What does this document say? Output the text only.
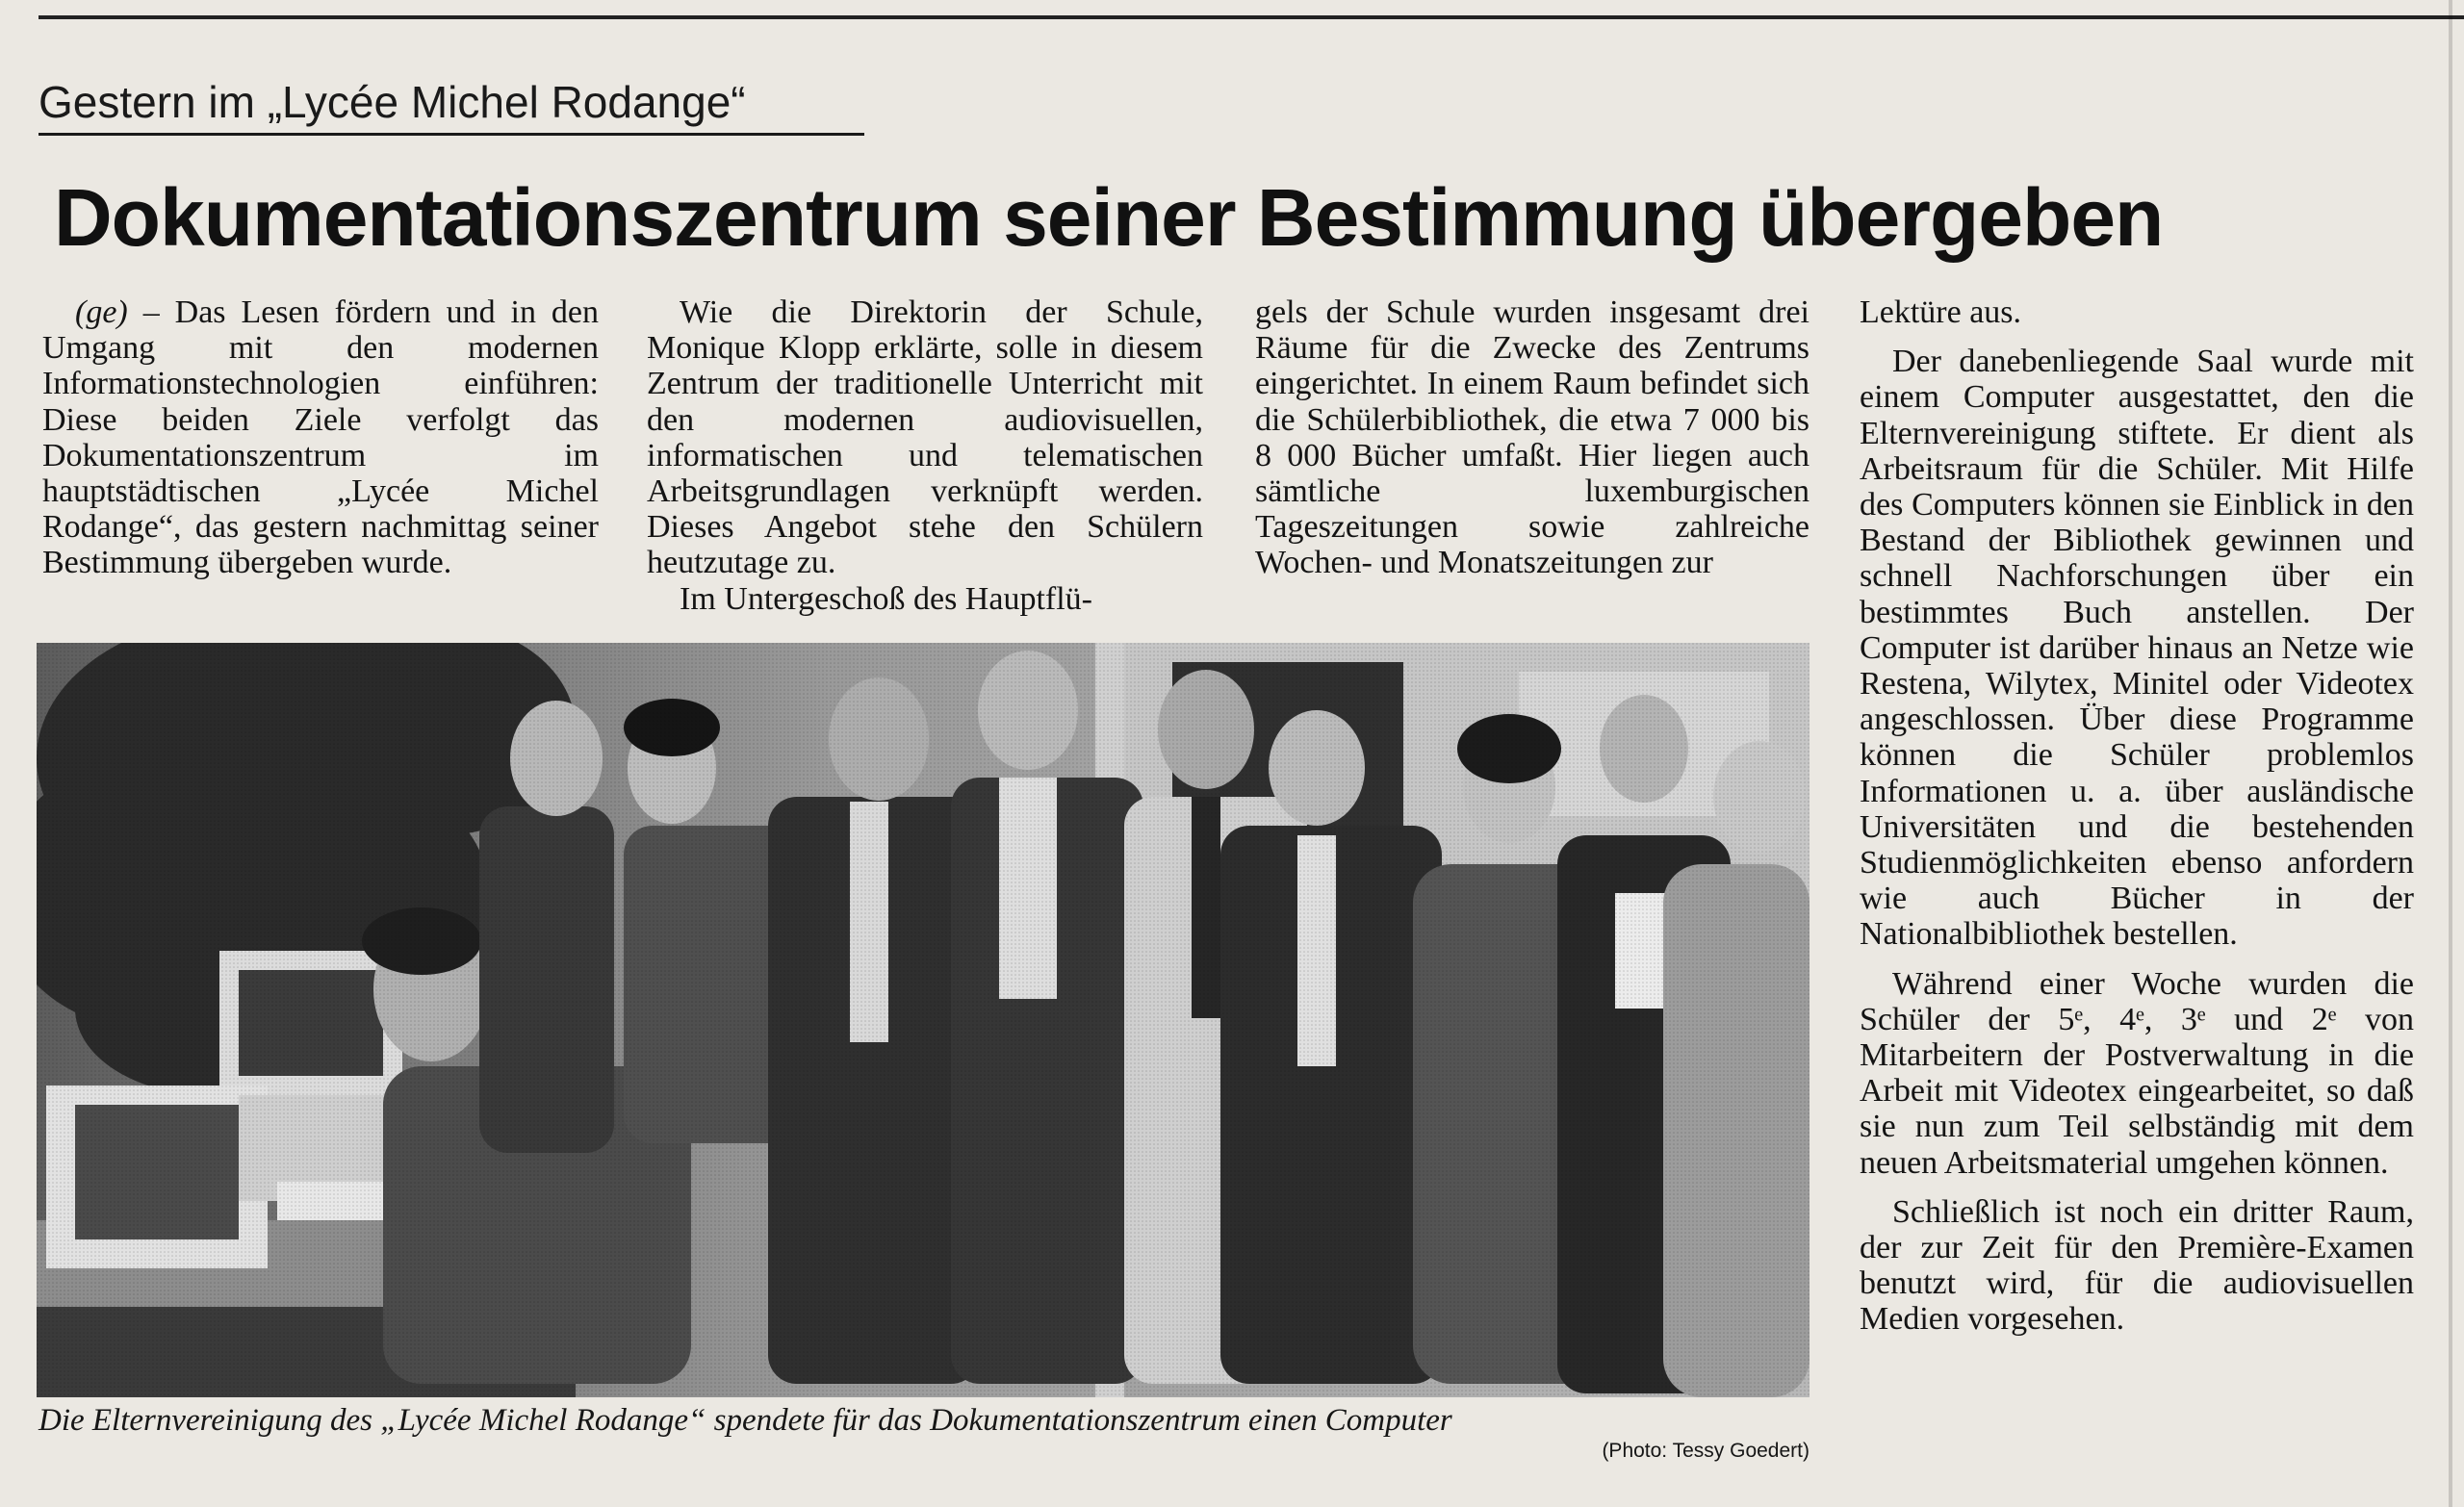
Gestern im „Lycée Michel Rodange“
Dokumentationszentrum seiner Bestimmung übergeben

(ge) – Das Lesen fördern und in den Umgang mit den modernen Informationstechnologien einführen: Diese beiden Ziele verfolgt das Dokumentationszentrum im hauptstädtischen „Lycée Michel Rodange“, das gestern nachmittag seiner Bestimmung übergeben wurde.

Wie die Direktorin der Schule, Monique Klopp erklärte, solle in diesem Zentrum der traditionelle Unterricht mit den modernen audiovisuellen, informatischen und telematischen Arbeitsgrundlagen verknüpft werden. Dieses Angebot stehe den Schülern heutzutage zu.

Im Untergeschoß des Hauptflü-

gels der Schule wurden insgesamt drei Räume für die Zwecke des Zentrums eingerichtet. In einem Raum befindet sich die Schülerbibliothek, die etwa 7 000 bis 8 000 Bücher umfaßt. Hier liegen auch sämtliche luxemburgischen Tageszeitungen sowie zahlreiche Wochen- und Monatszeitungen zur

Lektüre aus.

Der danebenliegende Saal wurde mit einem Computer ausgestattet, den die Elternvereinigung stiftete. Er dient als Arbeitsraum für die Schüler. Mit Hilfe des Computers können sie Einblick in den Bestand der Bibliothek gewinnen und schnell Nachforschungen über ein bestimmtes Buch anstellen. Der Computer ist darüber hinaus an Netze wie Restena, Wilytex, Minitel oder Videotex angeschlossen. Über diese Programme können die Schüler problemlos Informationen u. a. über ausländische Universitäten und die bestehenden Studienmöglichkeiten ebenso anfordern wie auch Bücher in der Nationalbibliothek bestellen.

Während einer Woche wurden die Schüler der 5ᵉ, 4ᵉ, 3ᵉ und 2ᵉ von Mitarbeitern der Postverwaltung in die Arbeit mit Videotex eingearbeitet, so daß sie nun zum Teil selbständig mit dem neuen Arbeitsmaterial umgehen können.

Schließlich ist noch ein dritter Raum, der zur Zeit für den Première-Examen benutzt wird, für die audiovisuellen Medien vorgesehen.

Die Elternvereinigung des „Lycée Michel Rodange“ spendete für das Dokumentationszentrum einen Computer
(Photo: Tessy Goedert)
